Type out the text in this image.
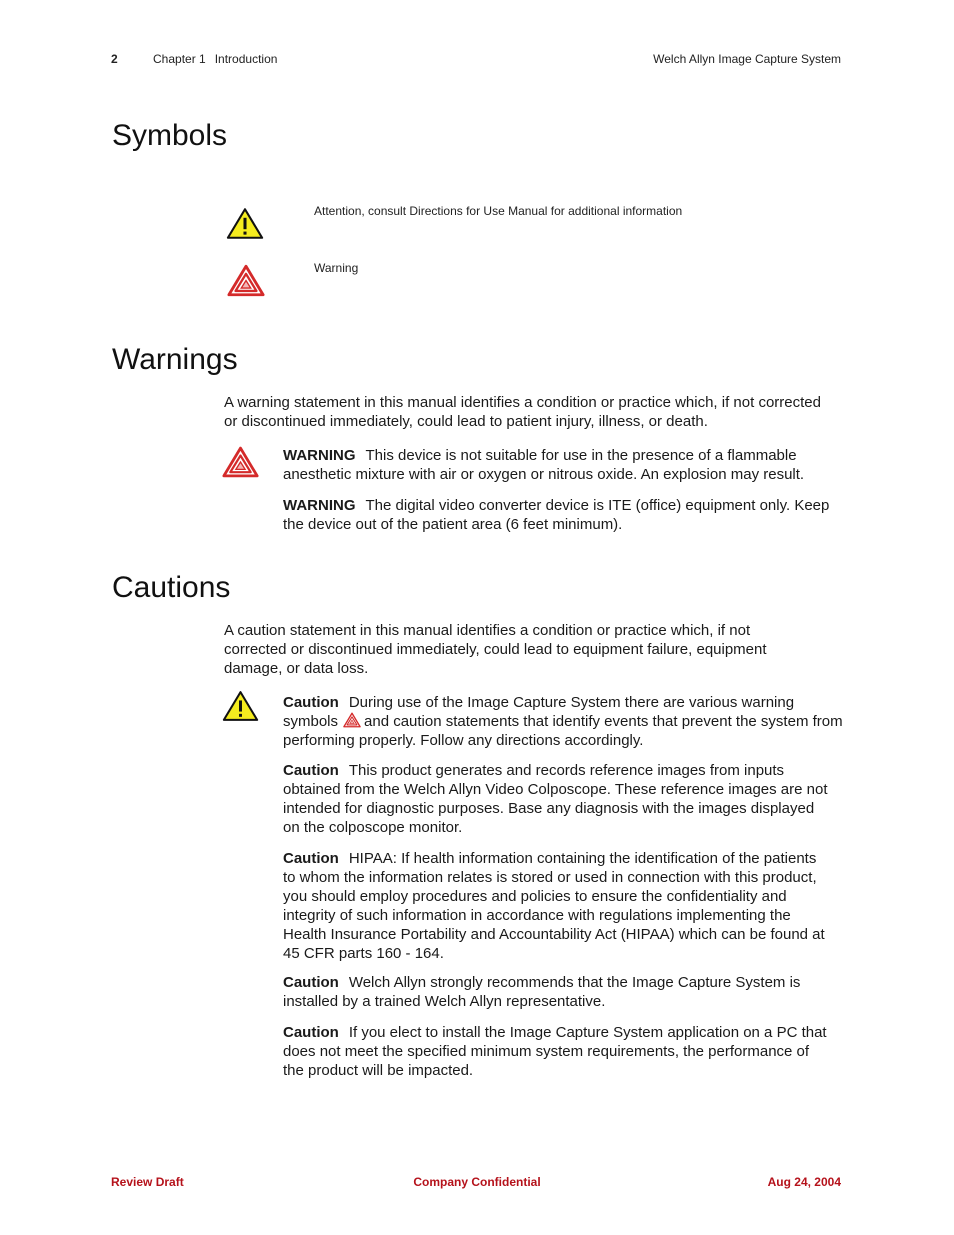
2	Chapter 1 Introduction	Welch Allyn Image Capture System
Symbols
Attention, consult Directions for Use Manual for additional information
Warning
Warnings
A warning statement in this manual identifies a condition or practice which, if not corrected or discontinued immediately, could lead to patient injury, illness, or death.
WARNING This device is not suitable for use in the presence of a flammable anesthetic mixture with air or oxygen or nitrous oxide. An explosion may result.
WARNING The digital video converter device is ITE (office) equipment only. Keep the device out of the patient area (6 feet minimum).
Cautions
A caution statement in this manual identifies a condition or practice which, if not corrected or discontinued immediately, could lead to equipment failure, equipment damage, or data loss.
Caution During use of the Image Capture System there are various warning symbols and caution statements that identify events that prevent the system from performing properly. Follow any directions accordingly.
Caution This product generates and records reference images from inputs obtained from the Welch Allyn Video Colposcope. These reference images are not intended for diagnostic purposes. Base any diagnosis with the images displayed on the colposcope monitor.
Caution HIPAA: If health information containing the identification of the patients to whom the information relates is stored or used in connection with this product, you should employ procedures and policies to ensure the confidentiality and integrity of such information in accordance with regulations implementing the Health Insurance Portability and Accountability Act (HIPAA) which can be found at 45 CFR parts 160 - 164.
Caution Welch Allyn strongly recommends that the Image Capture System is installed by a trained Welch Allyn representative.
Caution If you elect to install the Image Capture System application on a PC that does not meet the specified minimum system requirements, the performance of the product will be impacted.
Review Draft	Company Confidential	Aug 24, 2004
